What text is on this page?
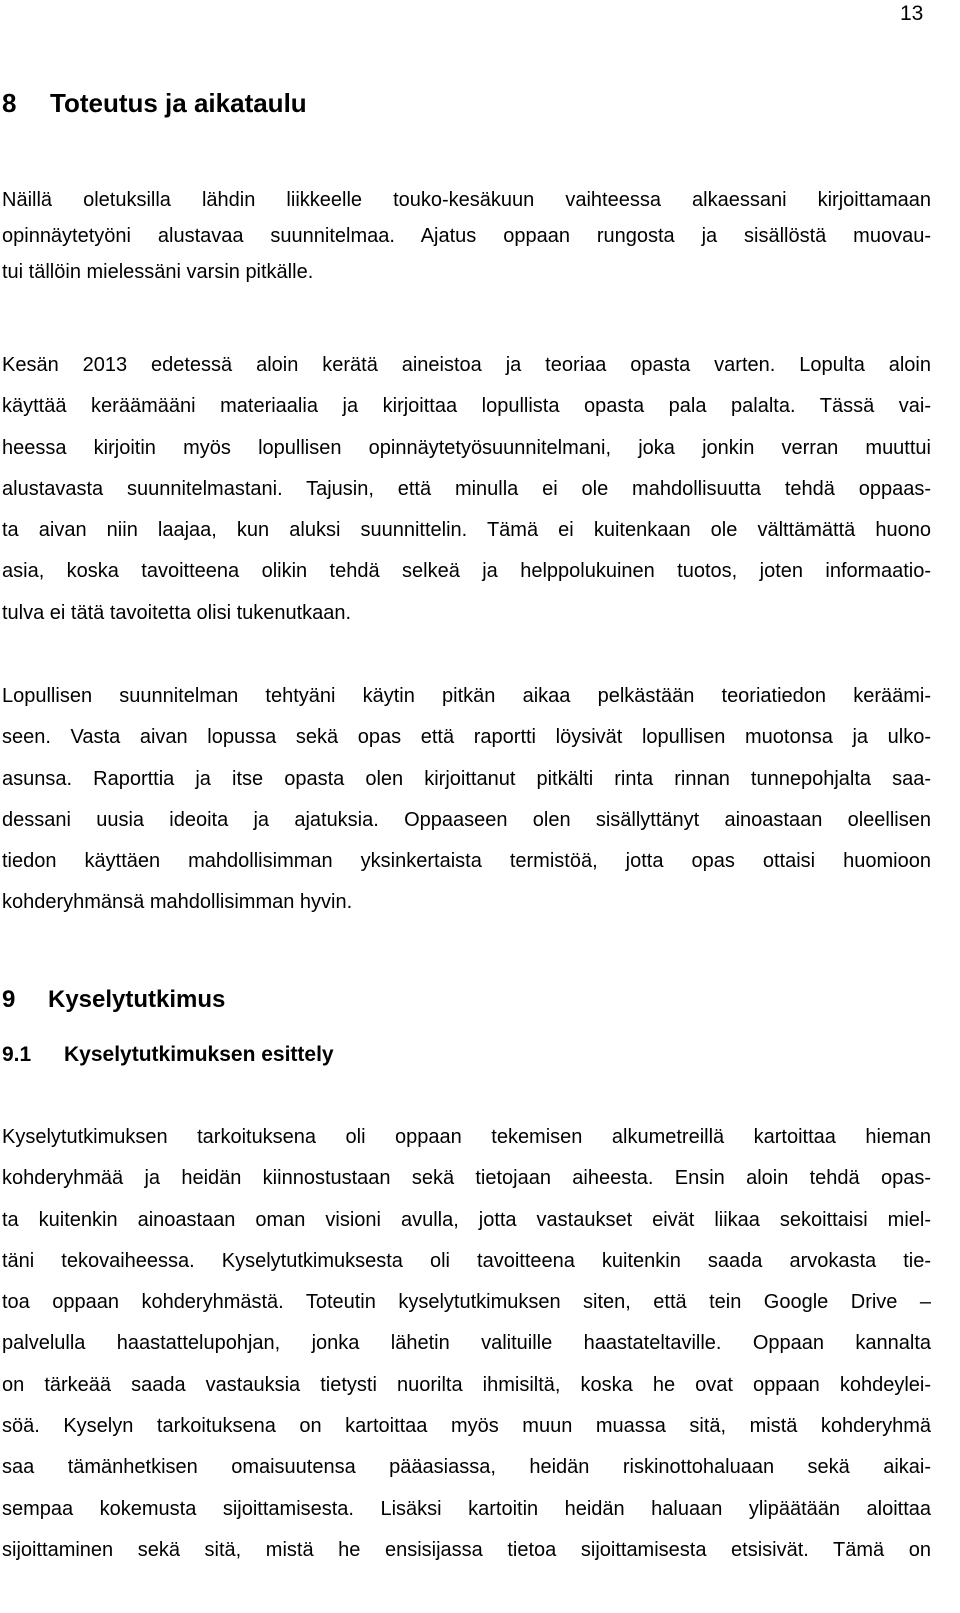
13
8 Toteutus ja aikataulu
Näillä oletuksilla lähdin liikkeelle touko-kesäkuun vaihteessa alkaessani kirjoittamaan
opinnäytetyöni alustavaa suunnitelmaa. Ajatus oppaan rungosta ja sisällöstä muovau-
tui tällöin mielessäni varsin pitkälle.
Kesän 2013 edetessä aloin kerätä aineistoa ja teoriaa opasta varten. Lopulta aloin
käyttää keräämääni materiaalia ja kirjoittaa lopullista opasta pala palalta. Tässä vai-
heessa kirjoitin myös lopullisen opinnäytetyösuunnitelmani, joka jonkin verran muuttui
alustavasta suunnitelmastani. Tajusin, että minulla ei ole mahdollisuutta tehdä oppaas-
ta aivan niin laajaa, kun aluksi suunnittelin. Tämä ei kuitenkaan ole välttämättä huono
asia, koska tavoitteena olikin tehdä selkeä ja helppolukuinen tuotos, joten informaatio-
tulva ei tätä tavoitetta olisi tukenutkaan.
Lopullisen suunnitelman tehtyäni käytin pitkän aikaa pelkästään teoriatiedon keräämi-
seen. Vasta aivan lopussa sekä opas että raportti löysivät lopullisen muotonsa ja ulko-
asunsa. Raporttia ja itse opasta olen kirjoittanut pitkälti rinta rinnan tunnepohjalta saa-
dessani uusia ideoita ja ajatuksia. Oppaaseen olen sisällyttänyt ainoastaan oleellisen
tiedon käyttäen mahdollisimman yksinkertaista termistöä, jotta opas ottaisi huomioon
kohderyhmänsä mahdollisimman hyvin.
9 Kyselytutkimus
9.1 Kyselytutkimuksen esittely
Kyselytutkimuksen tarkoituksena oli oppaan tekemisen alkumetreillä kartoittaa hieman
kohderyhmää ja heidän kiinnostustaan sekä tietojaan aiheesta. Ensin aloin tehdä opas-
ta kuitenkin ainoastaan oman visioni avulla, jotta vastaukset eivät liikaa sekoittaisi miel-
täni tekovaiheessa. Kyselytutkimuksesta oli tavoitteena kuitenkin saada arvokasta tie-
toa oppaan kohderyhmästä. Toteutin kyselytutkimuksen siten, että tein Google Drive –
palvelulla haastattelupohjan, jonka lähetin valituille haastateltaville. Oppaan kannalta
on tärkeää saada vastauksia tietysti nuorilta ihmisiltä, koska he ovat oppaan kohdeylei-
söä. Kyselyn tarkoituksena on kartoittaa myös muun muassa sitä, mistä kohderyhmä
saa tämänhetkisen omaisuutensa pääasiassa, heidän riskinottohaluaan sekä aikai-
sempaa kokemusta sijoittamisesta. Lisäksi kartoitin heidän haluaan ylipäätään aloittaa
sijoittaminen sekä sitä, mistä he ensisijassa tietoa sijoittamisesta etsisivät. Tämä on
